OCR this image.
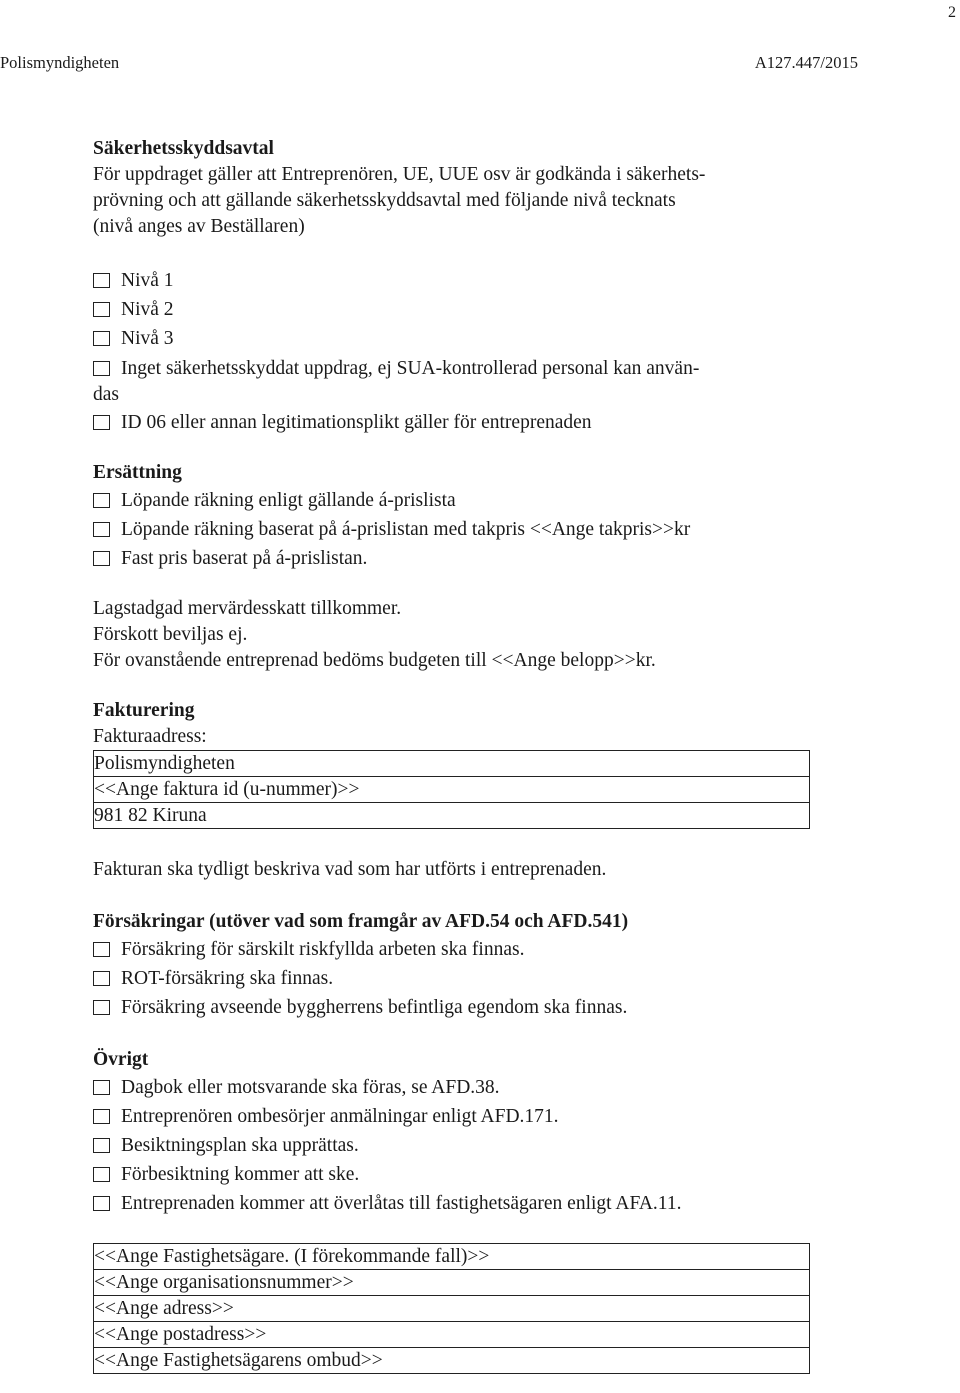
2
Polismyndigheten	A127.447/2015

Säkerhetsskyddsavtal

För uppdraget gäller att Entreprenören, UE, UUE osv är godkända i säkerhets-

prövning och att gällande säkerhetsskyddsavtal med följande nivå tecknats

(nivå anges av Beställaren)

Nivå 1
Nivå 2
Nivå 3
Inget säkerhetsskyddat uppdrag, ej SUA-kontrollerad personal kan använ-

das

ID 06 eller annan legitimationsplikt gäller för entreprenaden

Ersättning

Löpande räkning enligt gällande á-prislista
Löpande räkning baserat på á-prislistan med takpris <<Ange takpris>>kr
Fast pris baserat på á-prislistan.

Lagstadgad mervärdesskatt tillkommer.

Förskott beviljas ej.

För ovanstående entreprenad bedöms budgeten till <<Ange belopp>>kr.

Fakturering

Fakturaadress:

Polismyndigheten
<<Ange faktura id (u-nummer)>>
981 82 Kiruna

Fakturan ska tydligt beskriva vad som har utförts i entreprenaden.

Försäkringar (utöver vad som framgår av AFD.54 och AFD.541)

Försäkring för särskilt riskfyllda arbeten ska finnas.
ROT-försäkring ska finnas.
Försäkring avseende byggherrens befintliga egendom ska finnas.

Övrigt

Dagbok eller motsvarande ska föras, se AFD.38.
Entreprenören ombesörjer anmälningar enligt AFD.171.
Besiktningsplan ska upprättas.
Förbesiktning kommer att ske.
Entreprenaden kommer att överlåtas till fastighetsägaren enligt AFA.11.
<<Ange Fastighetsägare. (I förekommande fall)>>
<<Ange organisationsnummer>>
<<Ange adress>>
<<Ange postadress>>
<<Ange Fastighetsägarens ombud>>
